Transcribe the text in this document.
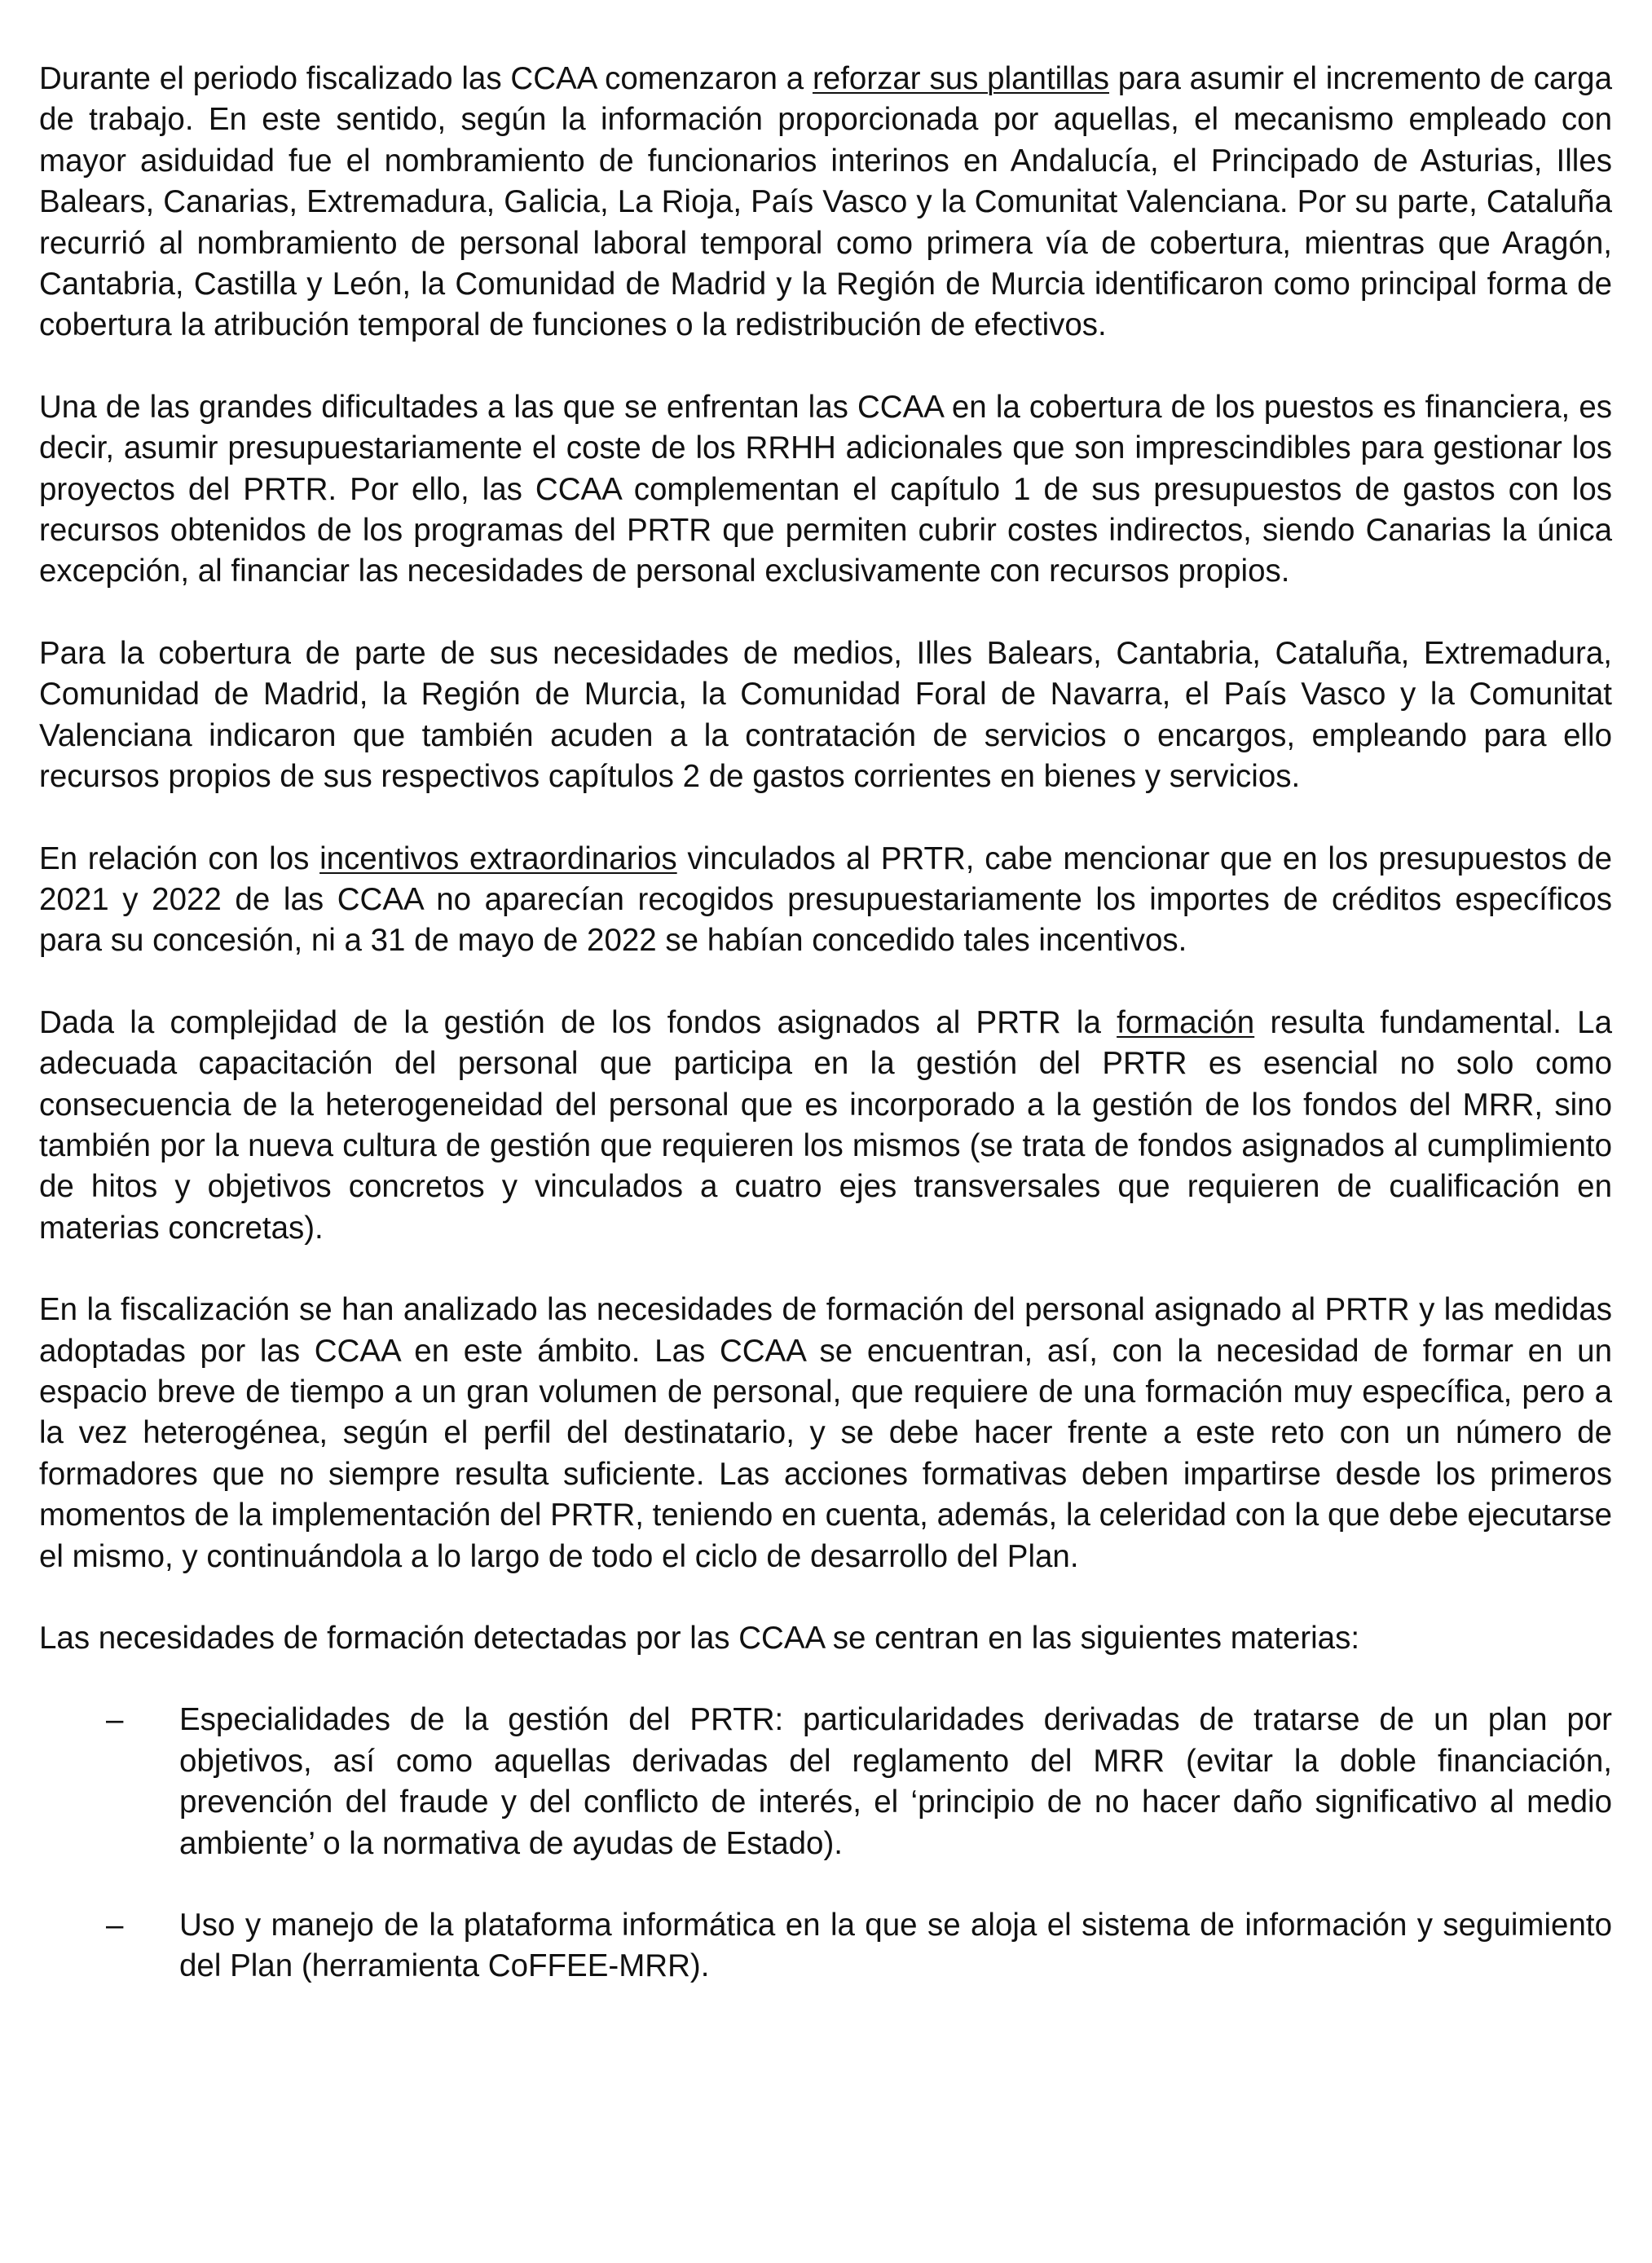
Durante el periodo fiscalizado las CCAA comenzaron a reforzar sus plantillas para asumir el incremento de carga de trabajo. En este sentido, según la información proporcionada por aquellas, el mecanismo empleado con mayor asiduidad fue el nombramiento de funcionarios interinos en Andalucía, el Principado de Asturias, Illes Balears, Canarias, Extremadura, Galicia, La Rioja, País Vasco y la Comunitat Valenciana. Por su parte, Cataluña recurrió al nombramiento de personal laboral temporal como primera vía de cobertura, mientras que Aragón, Cantabria, Castilla y León, la Comunidad de Madrid y la Región de Murcia identificaron como principal forma de cobertura la atribución temporal de funciones o la redistribución de efectivos.

Una de las grandes dificultades a las que se enfrentan las CCAA en la cobertura de los puestos es financiera, es decir, asumir presupuestariamente el coste de los RRHH adicionales que son imprescindibles para gestionar los proyectos del PRTR. Por ello, las CCAA complementan el capítulo 1 de sus presupuestos de gastos con los recursos obtenidos de los programas del PRTR que permiten cubrir costes indirectos, siendo Canarias la única excepción, al financiar las necesidades de personal exclusivamente con recursos propios.

Para la cobertura de parte de sus necesidades de medios, Illes Balears, Cantabria, Cataluña, Extremadura, Comunidad de Madrid, la Región de Murcia, la Comunidad Foral de Navarra, el País Vasco y la Comunitat Valenciana indicaron que también acuden a la contratación de servicios o encargos, empleando para ello recursos propios de sus respectivos capítulos 2 de gastos corrientes en bienes y servicios.

En relación con los incentivos extraordinarios vinculados al PRTR, cabe mencionar que en los presupuestos de 2021 y 2022 de las CCAA no aparecían recogidos presupuestariamente los importes de créditos específicos para su concesión, ni a 31 de mayo de 2022 se habían concedido tales incentivos.

Dada la complejidad de la gestión de los fondos asignados al PRTR la formación resulta fundamental. La adecuada capacitación del personal que participa en la gestión del PRTR es esencial no solo como consecuencia de la heterogeneidad del personal que es incorporado a la gestión de los fondos del MRR, sino también por la nueva cultura de gestión que requieren los mismos (se trata de fondos asignados al cumplimiento de hitos y objetivos concretos y vinculados a cuatro ejes transversales que requieren de cualificación en materias concretas).

En la fiscalización se han analizado las necesidades de formación del personal asignado al PRTR y las medidas adoptadas por las CCAA en este ámbito. Las CCAA se encuentran, así, con la necesidad de formar en un espacio breve de tiempo a un gran volumen de personal, que requiere de una formación muy específica, pero a la vez heterogénea, según el perfil del destinatario, y se debe hacer frente a este reto con un número de formadores que no siempre resulta suficiente. Las acciones formativas deben impartirse desde los primeros momentos de la implementación del PRTR, teniendo en cuenta, además, la celeridad con la que debe ejecutarse el mismo, y continuándola a lo largo de todo el ciclo de desarrollo del Plan.

Las necesidades de formación detectadas por las CCAA se centran en las siguientes materias:

– Especialidades de la gestión del PRTR: particularidades derivadas de tratarse de un plan por objetivos, así como aquellas derivadas del reglamento del MRR (evitar la doble financiación, prevención del fraude y del conflicto de interés, el ‘principio de no hacer daño significativo al medio ambiente’ o la normativa de ayudas de Estado).
– Uso y manejo de la plataforma informática en la que se aloja el sistema de información y seguimiento del Plan (herramienta CoFFEE-MRR).
